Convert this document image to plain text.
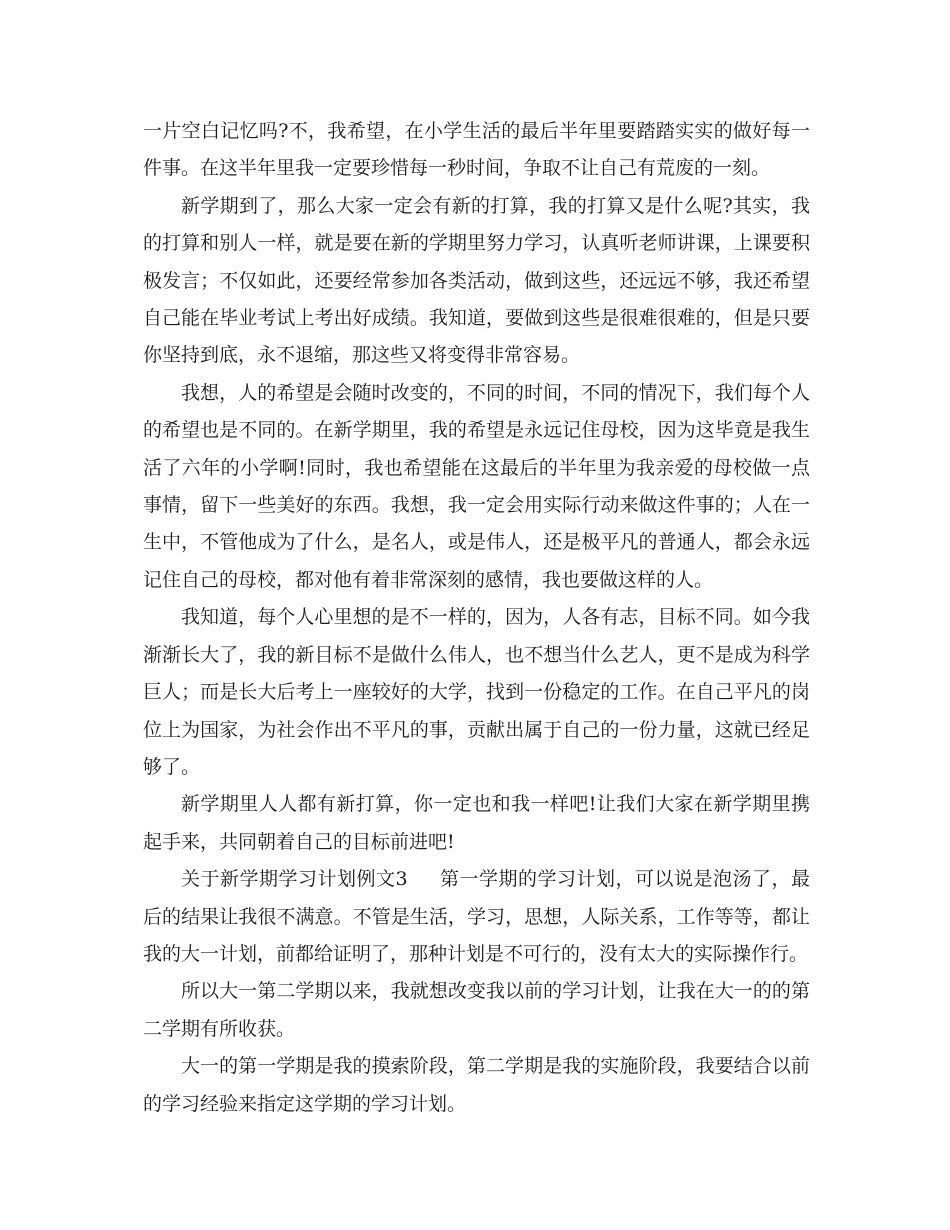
一片空白记忆吗?不，我希望，在小学生活的最后半年里要踏踏实实的做好每一件事。在这半年里我一定要珍惜每一秒时间，争取不让自己有荒废的一刻。

新学期到了，那么大家一定会有新的打算，我的打算又是什么呢?其实，我的打算和别人一样，就是要在新的学期里努力学习，认真听老师讲课，上课要积极发言；不仅如此，还要经常参加各类活动，做到这些，还远远不够，我还希望自己能在毕业考试上考出好成绩。我知道，要做到这些是很难很难的，但是只要你坚持到底，永不退缩，那这些又将变得非常容易。

我想，人的希望是会随时改变的，不同的时间，不同的情况下，我们每个人的希望也是不同的。在新学期里，我的希望是永远记住母校，因为这毕竟是我生活了六年的小学啊!同时，我也希望能在这最后的半年里为我亲爱的母校做一点事情，留下一些美好的东西。我想，我一定会用实际行动来做这件事的；人在一生中，不管他成为了什么，是名人，或是伟人，还是极平凡的普通人，都会永远记住自己的母校，都对他有着非常深刻的感情，我也要做这样的人。

我知道，每个人心里想的是不一样的，因为，人各有志，目标不同。如今我渐渐长大了，我的新目标不是做什么伟人，也不想当什么艺人，更不是成为科学巨人；而是长大后考上一座较好的大学，找到一份稳定的工作。在自己平凡的岗位上为国家，为社会作出不平凡的事，贡献出属于自己的一份力量，这就已经足够了。

新学期里人人都有新打算，你一定也和我一样吧!让我们大家在新学期里携起手来，共同朝着自己的目标前进吧!

关于新学期学习计划例文3 第一学期的学习计划，可以说是泡汤了，最后的结果让我很不满意。不管是生活，学习，思想，人际关系，工作等等，都让我的大一计划，前都给证明了，那种计划是不可行的，没有太大的实际操作行。

所以大一第二学期以来，我就想改变我以前的学习计划，让我在大一的的第二学期有所收获。

大一的第一学期是我的摸索阶段，第二学期是我的实施阶段，我要结合以前的学习经验来指定这学期的学习计划。
